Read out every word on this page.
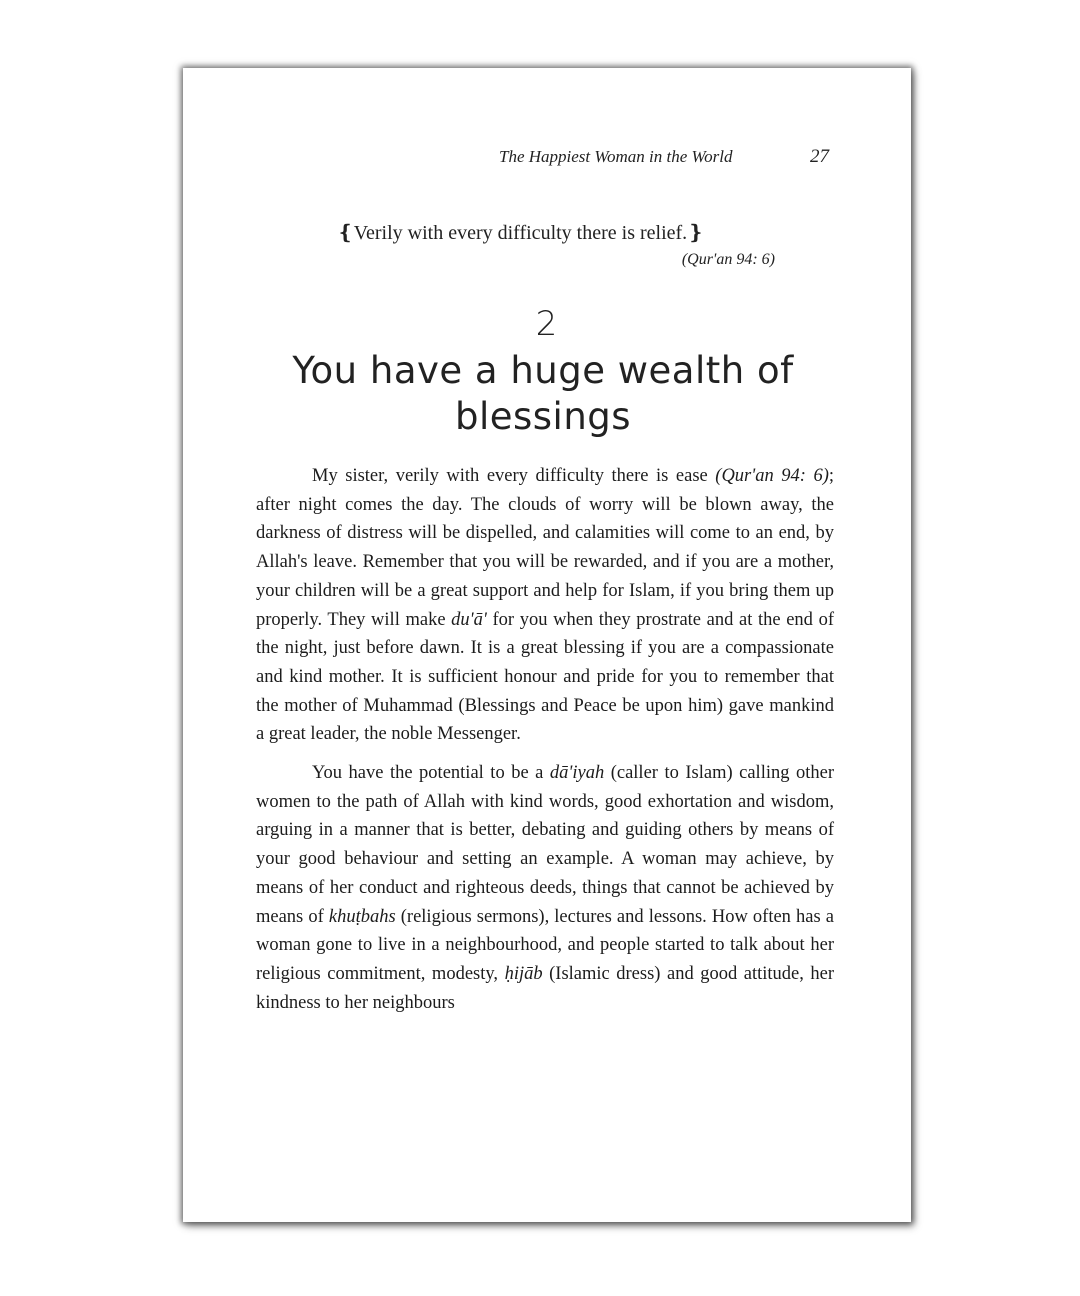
The Happiest Woman in the World	27
❴Verily with every difficulty there is relief.❵
(Qur'an 94: 6)
2
You have a huge wealth of
blessings

My sister, verily with every difficulty there is ease (Qur'an 94: 6); after night comes the day. The clouds of worry will be blown away, the darkness of distress will be dispelled, and calamities will come to an end, by Allah's leave. Remember that you will be rewarded, and if you are a mother, your children will be a great support and help for Islam, if you bring them up properly. They will make du'ā' for you when they prostrate and at the end of the night, just before dawn. It is a great blessing if you are a compassionate and kind mother. It is sufficient honour and pride for you to remember that the mother of Muhammad (Blessings and Peace be upon him) gave mankind a great leader, the noble Messenger.

You have the potential to be a dā'iyah (caller to Islam) calling other women to the path of Allah with kind words, good exhortation and wisdom, arguing in a manner that is better, debating and guiding others by means of your good behaviour and setting an example. A woman may achieve, by means of her conduct and righteous deeds, things that cannot be achieved by means of khuṭbahs (religious sermons), lectures and lessons. How often has a woman gone to live in a neighbourhood, and people started to talk about her religious commitment, modesty, ḥijāb (Islamic dress) and good attitude, her kindness to her neighbours
